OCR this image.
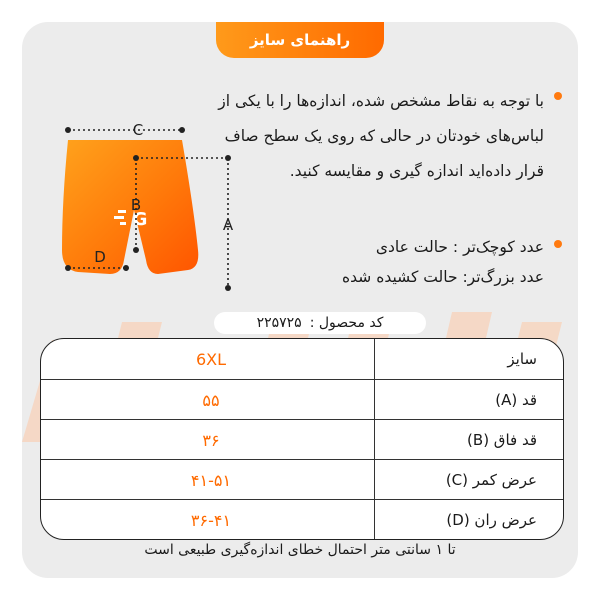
راهنمای سایز
G
C
A
B
D
با توجه به نقاط مشخص شده، اندازه‌ها را با یکی از لباس‌های خودتان در حالی که روی یک سطح صاف قرار داده‌اید اندازه گیری و مقایسه کنید.
عدد کوچک‌تر : حالت عادی
عدد بزرگ‌تر: حالت کشیده شده
کد محصول :
۲۲۵۷۲۵
سایز
6XL
قد (A)
۵۵
قد فاق (B)
۳۶
عرض کمر (C)
۴۱-۵۱
عرض ران (D)
۳۶-۴۱
تا ۱ سانتی متر احتمال خطای اندازه‌گیری طبیعی است
